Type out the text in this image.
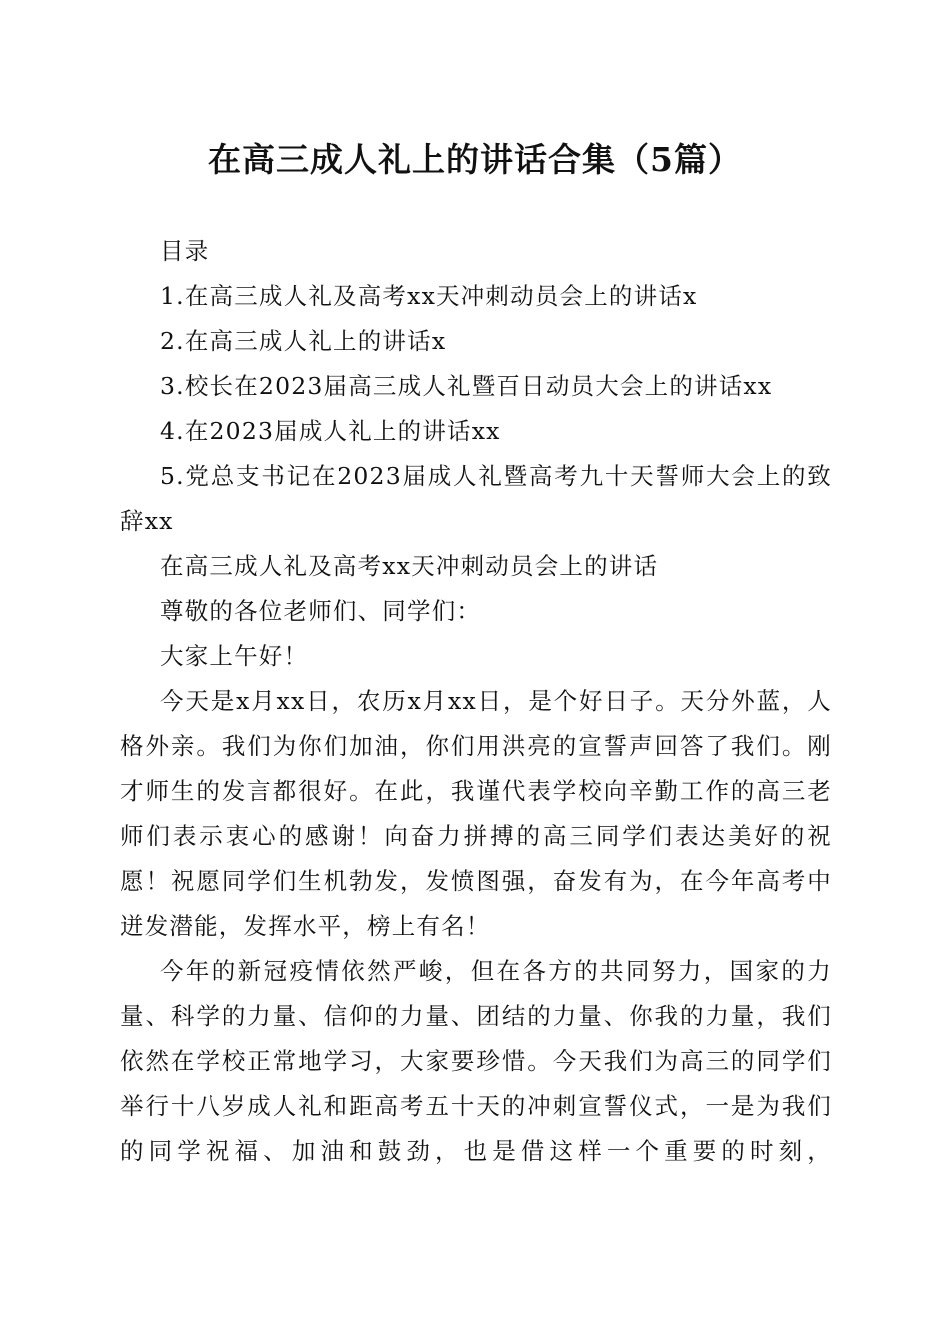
在高三成人礼上的讲话合集（5篇）

目录

1.在高三成人礼及高考xx天冲刺动员会上的讲话x

2.在高三成人礼上的讲话x

3.校长在2023届高三成人礼暨百日动员大会上的讲话xx

4.在2023届成人礼上的讲话xx

5.党总支书记在2023届成人礼暨高考九十天誓师大会上的致辞xx

在高三成人礼及高考xx天冲刺动员会上的讲话

尊敬的各位老师们、同学们：

大家上午好！

今天是x月xx日，农历x月xx日，是个好日子。天分外蓝，人格外亲。我们为你们加油，你们用洪亮的宣誓声回答了我们。刚才师生的发言都很好。在此，我谨代表学校向辛勤工作的高三老师们表示衷心的感谢！向奋力拼搏的高三同学们表达美好的祝愿！祝愿同学们生机勃发，发愤图强，奋发有为，在今年高考中迸发潜能，发挥水平，榜上有名！

今年的新冠疫情依然严峻，但在各方的共同努力，国家的力量、科学的力量、信仰的力量、团结的力量、你我的力量，我们依然在学校正常地学习，大家要珍惜。今天我们为高三的同学们举行十八岁成人礼和距高考五十天的冲刺宣誓仪式，一是为我们的同学祝福、加油和鼓劲，也是借这样一个重要的时刻，
